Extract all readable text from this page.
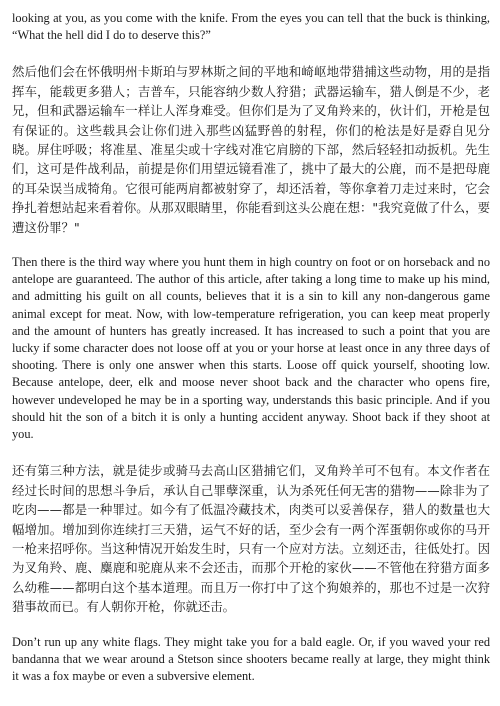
looking at you, as you come with the knife. From the eyes you can tell that the buck is thinking, “What the hell did I do to deserve this?”

然后他们会在怀俄明州卡斯珀与罗林斯之间的平地和崎岖地带猎捕这些动物，用的是指挥车，能载更多猎人；吉普车，只能容纳少数人狩猎；武器运输车，猎人倒是不少，老兄，但和武器运输车一样让人浑身难受。但你们是为了叉角羚来的，伙计们，开枪是包有保证的。这些载具会让你们进入那些凶猛野兽的射程，你们的枪法是好是孬自见分晓。屏住呼吸；将准星、准星尖或十字线对准它肩膀的下部，然后轻轻扣动扳机。先生们，这可是件战利品，前提是你们用望远镜看准了，挑中了最大的公鹿，而不是把母鹿的耳朵误当成犄角。它很可能两肩都被射穿了，却还活着，等你拿着刀走过来时，它会挣扎着想站起来看着你。从那双眼睛里，你能看到这头公鹿在想："我究竟做了什么，要遭这份罪？"

Then there is the third way where you hunt them in high country on foot or on horseback and no antelope are guaranteed. The author of this article, after taking a long time to make up his mind, and admitting his guilt on all counts, believes that it is a sin to kill any non-dangerous game animal except for meat. Now, with low-temperature refrigeration, you can keep meat properly and the amount of hunters has greatly increased. It has increased to such a point that you are lucky if some character does not loose off at you or your horse at least once in any three days of shooting. There is only one answer when this starts. Loose off quick yourself, shooting low. Because antelope, deer, elk and moose never shoot back and the character who opens fire, however undeveloped he may be in a sporting way, understands this basic principle. And if you should hit the son of a bitch it is only a hunting accident anyway. Shoot back if they shoot at you.

还有第三种方法，就是徒步或骑马去高山区猎捕它们，叉角羚羊可不包有。本文作者在经过长时间的思想斗争后，承认自己罪孽深重，认为杀死任何无害的猎物——除非为了吃肉——都是一种罪过。如今有了低温冷藏技术，肉类可以妥善保存，猎人的数量也大幅增加。增加到你连续打三天猎，运气不好的话，至少会有一两个浑蛋朝你或你的马开一枪来招呼你。当这种情况开始发生时，只有一个应对方法。立刻还击，往低处打。因为叉角羚、鹿、麋鹿和驼鹿从来不会还击，而那个开枪的家伙——不管他在狩猎方面多么幼稚——都明白这个基本道理。而且万一你打中了这个狗娘养的，那也不过是一次狩猎事故而已。有人朝你开枪，你就还击。

Don’t run up any white flags. They might take you for a bald eagle. Or, if you waved your red bandanna that we wear around a Stetson since shooters became really at large, they might think it was a fox maybe or even a subversive element.
